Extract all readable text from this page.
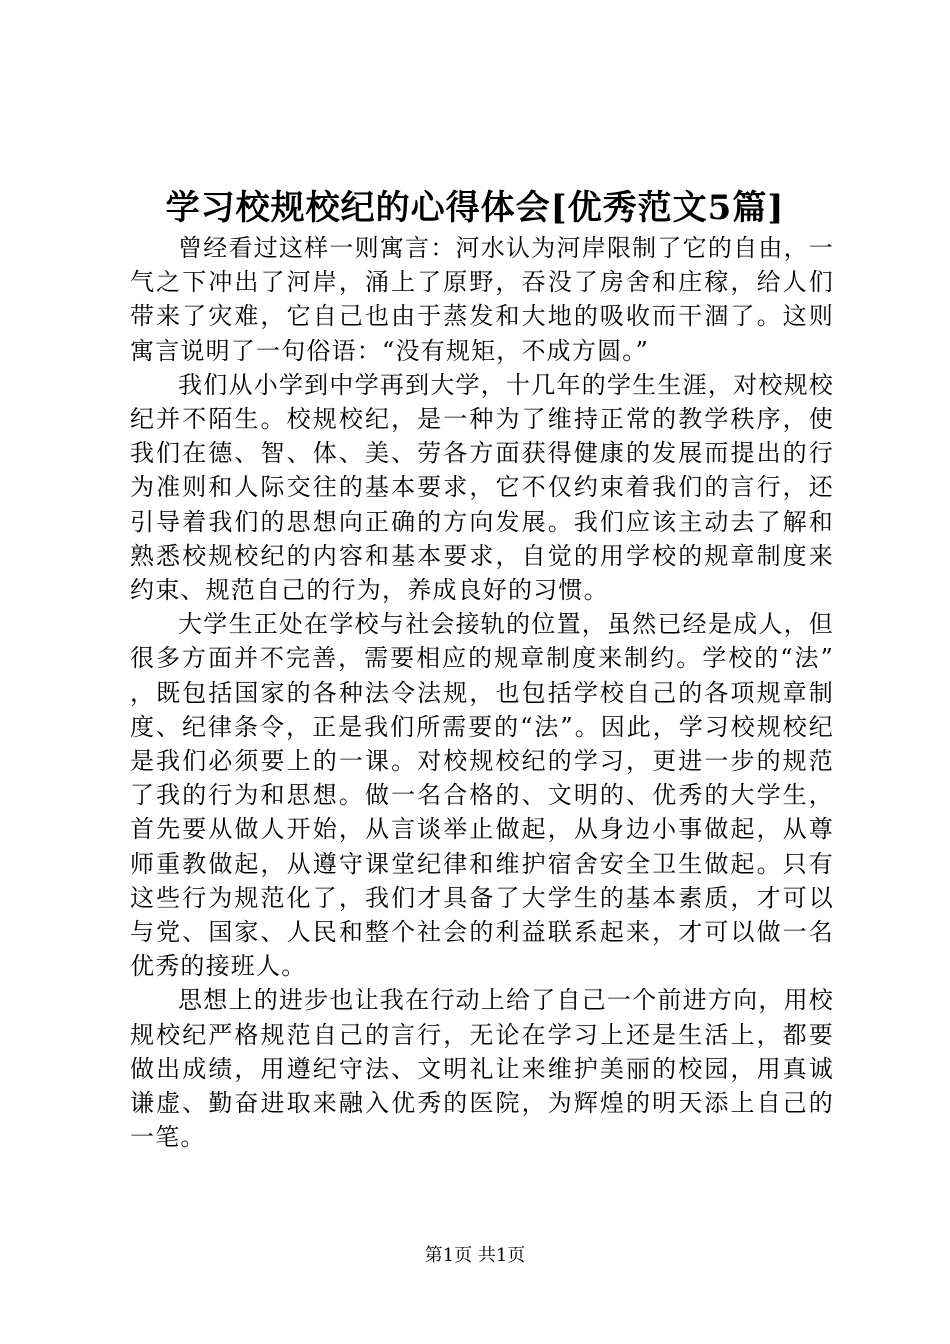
学习校规校纪的心得体会[优秀范文5篇]

曾经看过这样一则寓言：河水认为河岸限制了它的自由，一气之下冲出了河岸，涌上了原野，吞没了房舍和庄稼，给人们带来了灾难，它自己也由于蒸发和大地的吸收而干涸了。这则寓言说明了一句俗语：“没有规矩，不成方圆。”

我们从小学到中学再到大学，十几年的学生生涯，对校规校纪并不陌生。校规校纪，是一种为了维持正常的教学秩序，使我们在德、智、体、美、劳各方面获得健康的发展而提出的行为准则和人际交往的基本要求，它不仅约束着我们的言行，还引导着我们的思想向正确的方向发展。我们应该主动去了解和熟悉校规校纪的内容和基本要求，自觉的用学校的规章制度来约束、规范自己的行为，养成良好的习惯。

大学生正处在学校与社会接轨的位置，虽然已经是成人，但很多方面并不完善，需要相应的规章制度来制约。学校的“法”，既包括国家的各种法令法规，也包括学校自己的各项规章制度、纪律条令，正是我们所需要的“法”。因此，学习校规校纪是我们必须要上的一课。对校规校纪的学习，更进一步的规范了我的行为和思想。做一名合格的、文明的、优秀的大学生，首先要从做人开始，从言谈举止做起，从身边小事做起，从尊师重教做起，从遵守课堂纪律和维护宿舍安全卫生做起。只有这些行为规范化了，我们才具备了大学生的基本素质，才可以与党、国家、人民和整个社会的利益联系起来，才可以做一名优秀的接班人。

思想上的进步也让我在行动上给了自己一个前进方向，用校规校纪严格规范自己的言行，无论在学习上还是生活上，都要做出成绩，用遵纪守法、文明礼让来维护美丽的校园，用真诚谦虚、勤奋进取来融入优秀的医院，为辉煌的明天添上自己的一笔。

第1页 共1页
